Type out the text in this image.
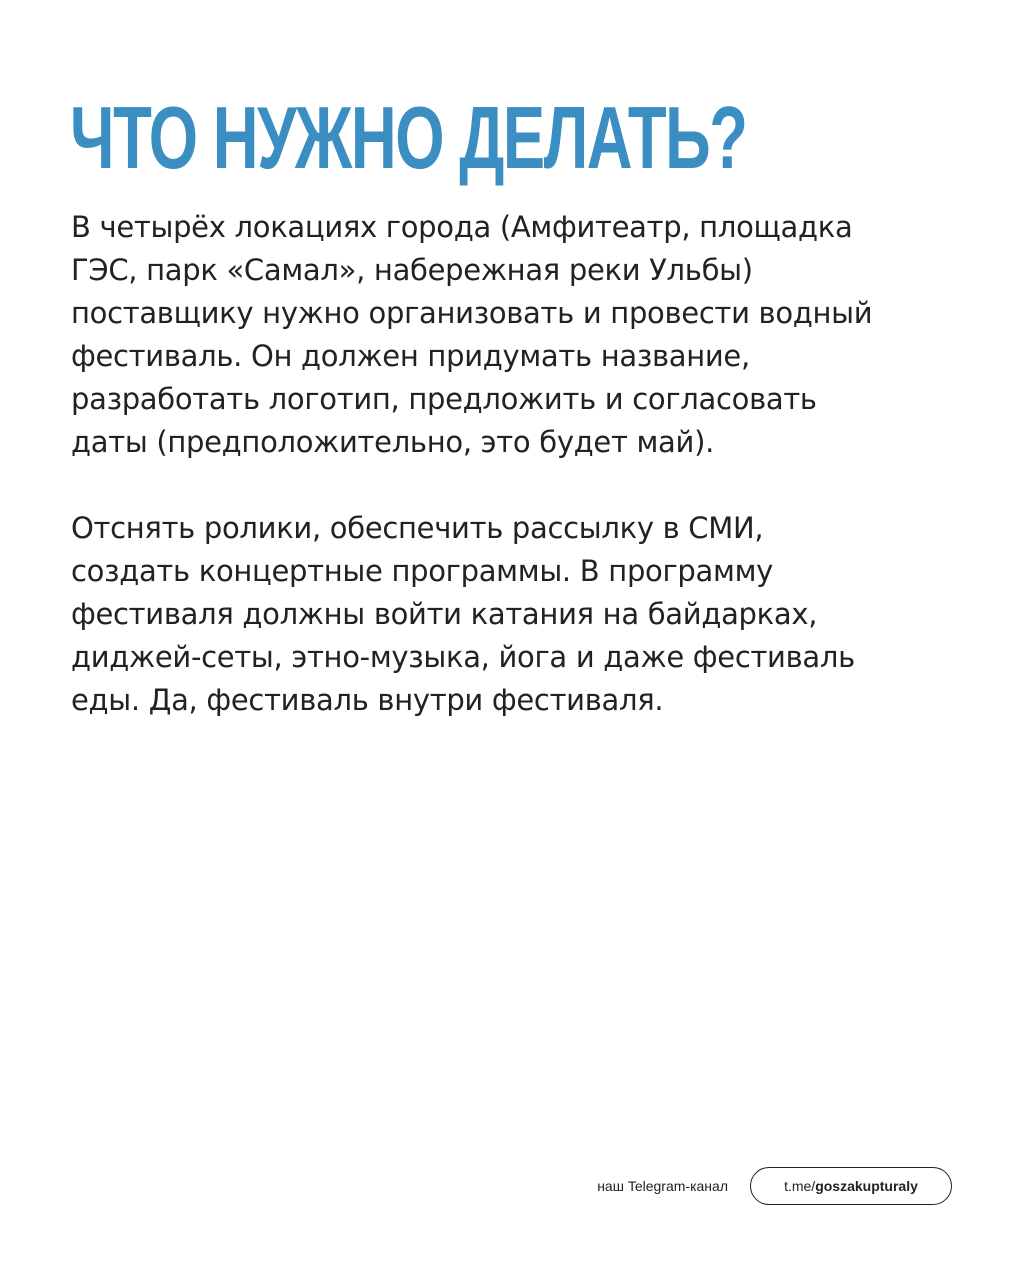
ЧТО НУЖНО ДЕЛАТЬ?

В четырёх локациях города (Амфитеатр, площадка
ГЭС, парк «Самал», набережная реки Ульбы)
поставщику нужно организовать и провести водный
фестиваль. Он должен придумать название,
разработать логотип, предложить и согласовать
даты (предположительно, это будет май).

Отснять ролики, обеспечить рассылку в СМИ,
создать концертные программы. В программу
фестиваля должны войти катания на байдарках,
диджей-сеты, этно-музыка, йога и даже фестиваль
еды. Да, фестиваль внутри фестиваля.

наш Telegram-канал	t.me/ goszakupturaly
